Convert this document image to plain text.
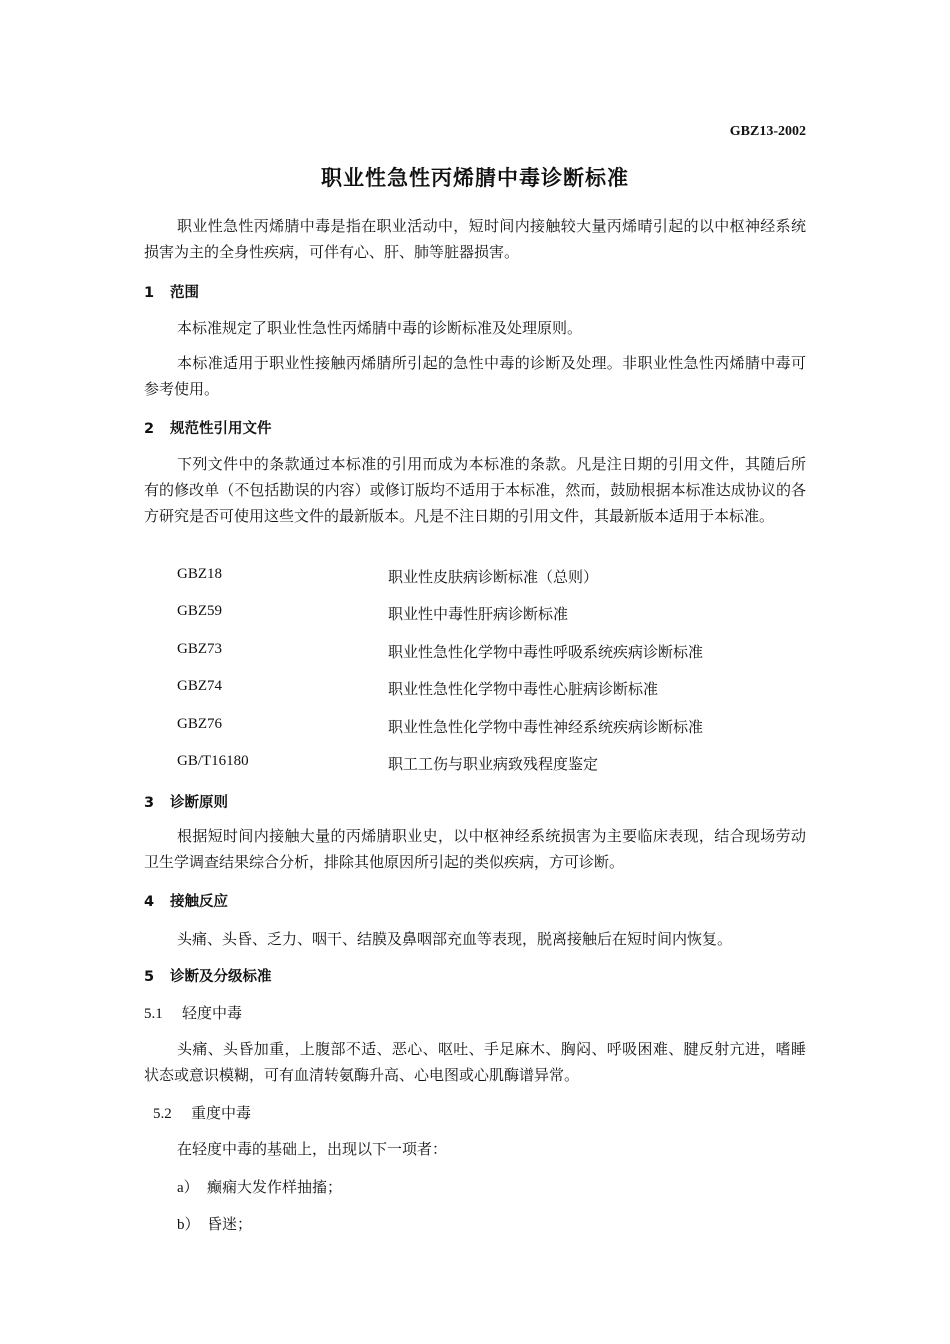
GBZ13-2002
职业性急性丙烯腈中毒诊断标准
职业性急性丙烯腈中毒是指在职业活动中，短时间内接触较大量丙烯晴引起的以中枢神经系统损害为主的全身性疾病，可伴有心、肝、肺等脏器损害。
1 范围
本标准规定了职业性急性丙烯腈中毒的诊断标准及处理原则。
本标准适用于职业性接触丙烯腈所引起的急性中毒的诊断及处理。非职业性急性丙烯腈中毒可参考使用。
2 规范性引用文件
下列文件中的条款通过本标准的引用而成为本标准的条款。凡是注日期的引用文件，其随后所有的修改单（不包括勘误的内容）或修订版均不适用于本标准，然而，鼓励根据本标准达成协议的各方研究是否可使用这些文件的最新版本。凡是不注日期的引用文件，其最新版本适用于本标准。
GBZ18	职业性皮肤病诊断标准（总则）
GBZ59	职业性中毒性肝病诊断标准
GBZ73	职业性急性化学物中毒性呼吸系统疾病诊断标准
GBZ74	职业性急性化学物中毒性心脏病诊断标准
GBZ76	职业性急性化学物中毒性神经系统疾病诊断标准
GB/T16180	职工工伤与职业病致残程度鉴定
3 诊断原则
根据短时间内接触大量的丙烯腈职业史，以中枢神经系统损害为主要临床表现，结合现场劳动卫生学调查结果综合分析，排除其他原因所引起的类似疾病，方可诊断。
4 接触反应
头痛、头昏、乏力、咽干、结膜及鼻咽部充血等表现，脱离接触后在短时间内恢复。
5 诊断及分级标准
5.1 轻度中毒
头痛、头昏加重，上腹部不适、恶心、呕吐、手足麻木、胸闷、呼吸困难、腱反射亢进，嗜睡状态或意识模糊，可有血清转氨酶升高、心电图或心肌酶谱异常。
5.2 重度中毒
在轻度中毒的基础上，出现以下一项者：
a） 癫痫大发作样抽搐；
b） 昏迷；
